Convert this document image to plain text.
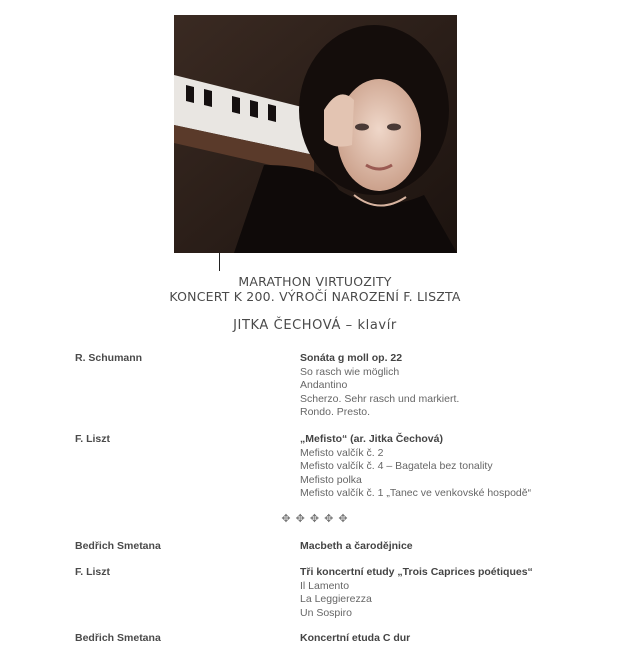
MARATHON VIRTUOZITY
KONCERT K 200. VÝROČÍ NAROZENÍ F. LISZTA
JITKA ČECHOVÁ – klavír
R. Schumann	Sonáta g moll op. 22
So rasch wie möglich
Andantino
Scherzo. Sehr rasch und markiert.
Rondo. Presto.
F. Liszt	„Mefisto“ (ar. Jitka Čechová)
Mefisto valčík č. 2
Mefisto valčík č. 4 – Bagatela bez tonality
Mefisto polka
Mefisto valčík č. 1 „Tanec ve venkovské hospodě“
✥ ✥ ✥ ✥ ✥
Bedřich Smetana	Macbeth a čarodějnice
F. Liszt	Tři koncertní etudy „Trois Caprices poétiques“
Il Lamento
La Leggierezza
Un Sospiro
Bedřich Smetana	Koncertní etuda C dur
